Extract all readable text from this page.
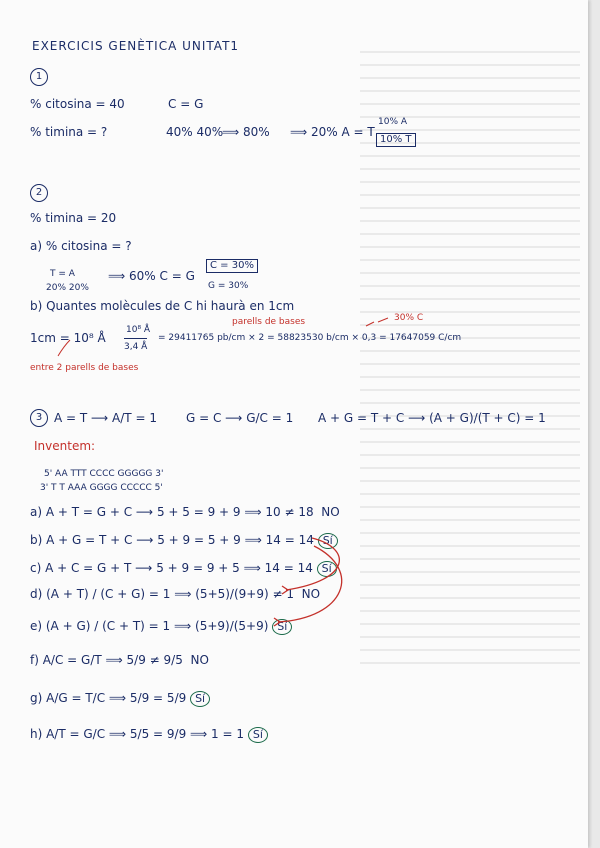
EXERCICIS GENÈTICA UNITAT1
1
% citosina = 40	C = G
% timina = ?	40% 40%
⟹ 80% ⟹ 20% A = T
10% A
10% T
2
% timina = 20
a) % citosina = ?
T = A
20% 20%
⟹ 60% C = G
C = 30%
G = 30%
b) Quantes molècules de C hi haurà en 1cm
parells de bases	30% C
1cm = 10⁸ Å
10⁸ Å
3,4 Å
= 29411765 pb/cm × 2 = 58823530 b/cm × 0,3 = 17647059 C/cm
entre 2 parells de bases
3 A = T ⟶ A/T = 1 G = C ⟶ G/C = 1 A + G = T + C ⟶ (A + G)/(T + C) = 1
Inventem:
5' AA TTT CCCC GGGGG 3'
3' T T AAA GGGG CCCCC 5'
a) A + T = G + C ⟶ 5 + 5 = 9 + 9 ⟹ 10 ≠ 18 NO
b) A + G = T + C ⟶ 5 + 9 = 5 + 9 ⟹ 14 = 14 Sí
c) A + C = G + T ⟶ 5 + 9 = 9 + 5 ⟹ 14 = 14 Sí
d) (A + T) / (C + G) = 1 ⟹ (5+5)/(9+9) ≠ 1 NO
e) (A + G) / (C + T) = 1 ⟹ (5+9)/(5+9) Sí
f) A/C = G/T ⟹ 5/9 ≠ 9/5 NO
g) A/G = T/C ⟹ 5/9 = 5/9 Sí
h) A/T = G/C ⟹ 5/5 = 9/9 ⟹ 1 = 1 Sí
